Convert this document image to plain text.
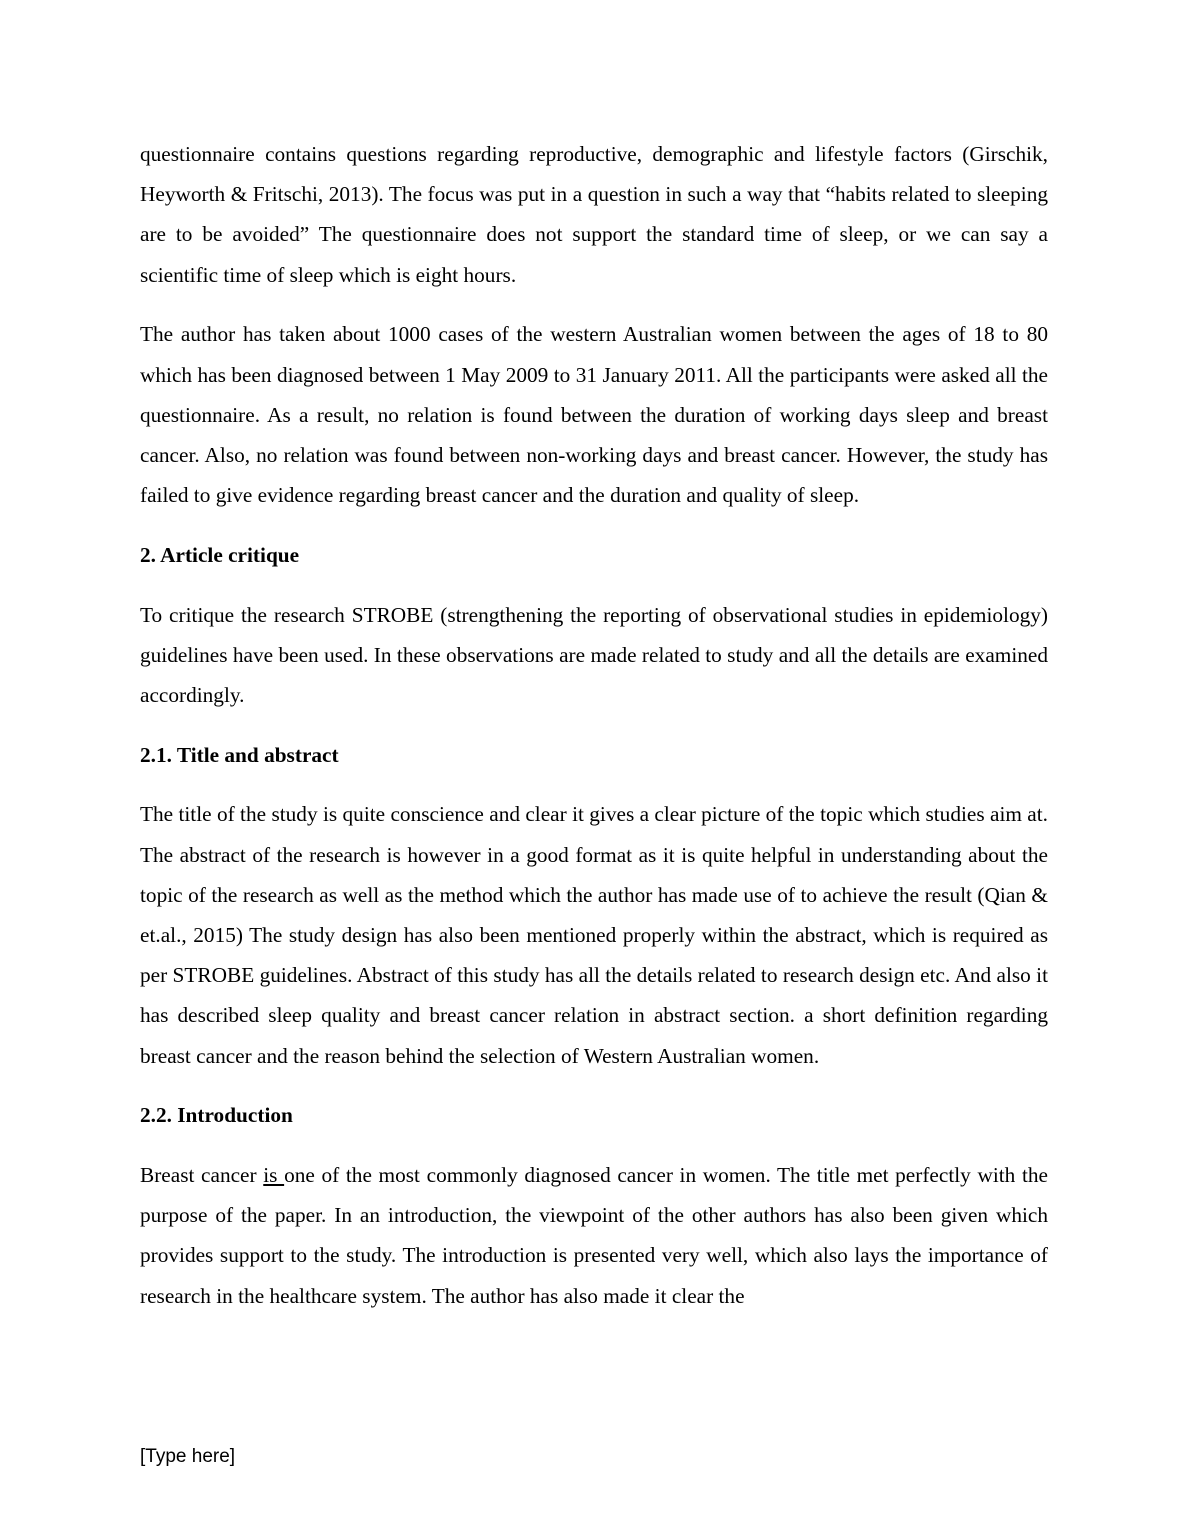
questionnaire contains questions regarding reproductive, demographic and lifestyle factors (Girschik, Heyworth & Fritschi, 2013). The focus was put in a question in such a way that “habits related to sleeping are to be avoided” The questionnaire does not support the standard time of sleep, or we can say a scientific time of sleep which is eight hours.

The author has taken about 1000 cases of the western Australian women between the ages of 18 to 80 which has been diagnosed between 1 May 2009 to 31 January 2011. All the participants were asked all the questionnaire. As a result, no relation is found between the duration of working days sleep and breast cancer. Also, no relation was found between non-working days and breast cancer. However, the study has failed to give evidence regarding breast cancer and the duration and quality of sleep.

2. Article critique

To critique the research STROBE (strengthening the reporting of observational studies in epidemiology) guidelines have been used. In these observations are made related to study and all the details are examined accordingly.

2.1. Title and abstract

The title of the study is quite conscience and clear it gives a clear picture of the topic which studies aim at. The abstract of the research is however in a good format as it is quite helpful in understanding about the topic of the research as well as the method which the author has made use of to achieve the result (Qian & et.al., 2015) The study design has also been mentioned properly within the abstract, which is required as per STROBE guidelines. Abstract of this study has all the details related to research design etc. And also it has described sleep quality and breast cancer relation in abstract section. a short definition regarding breast cancer and the reason behind the selection of Western Australian women.

2.2. Introduction

Breast cancer is one of the most commonly diagnosed cancer in women. The title met perfectly with the purpose of the paper. In an introduction, the viewpoint of the other authors has also been given which provides support to the study. The introduction is presented very well, which also lays the importance of research in the healthcare system. The author has also made it clear the

[Type here]
